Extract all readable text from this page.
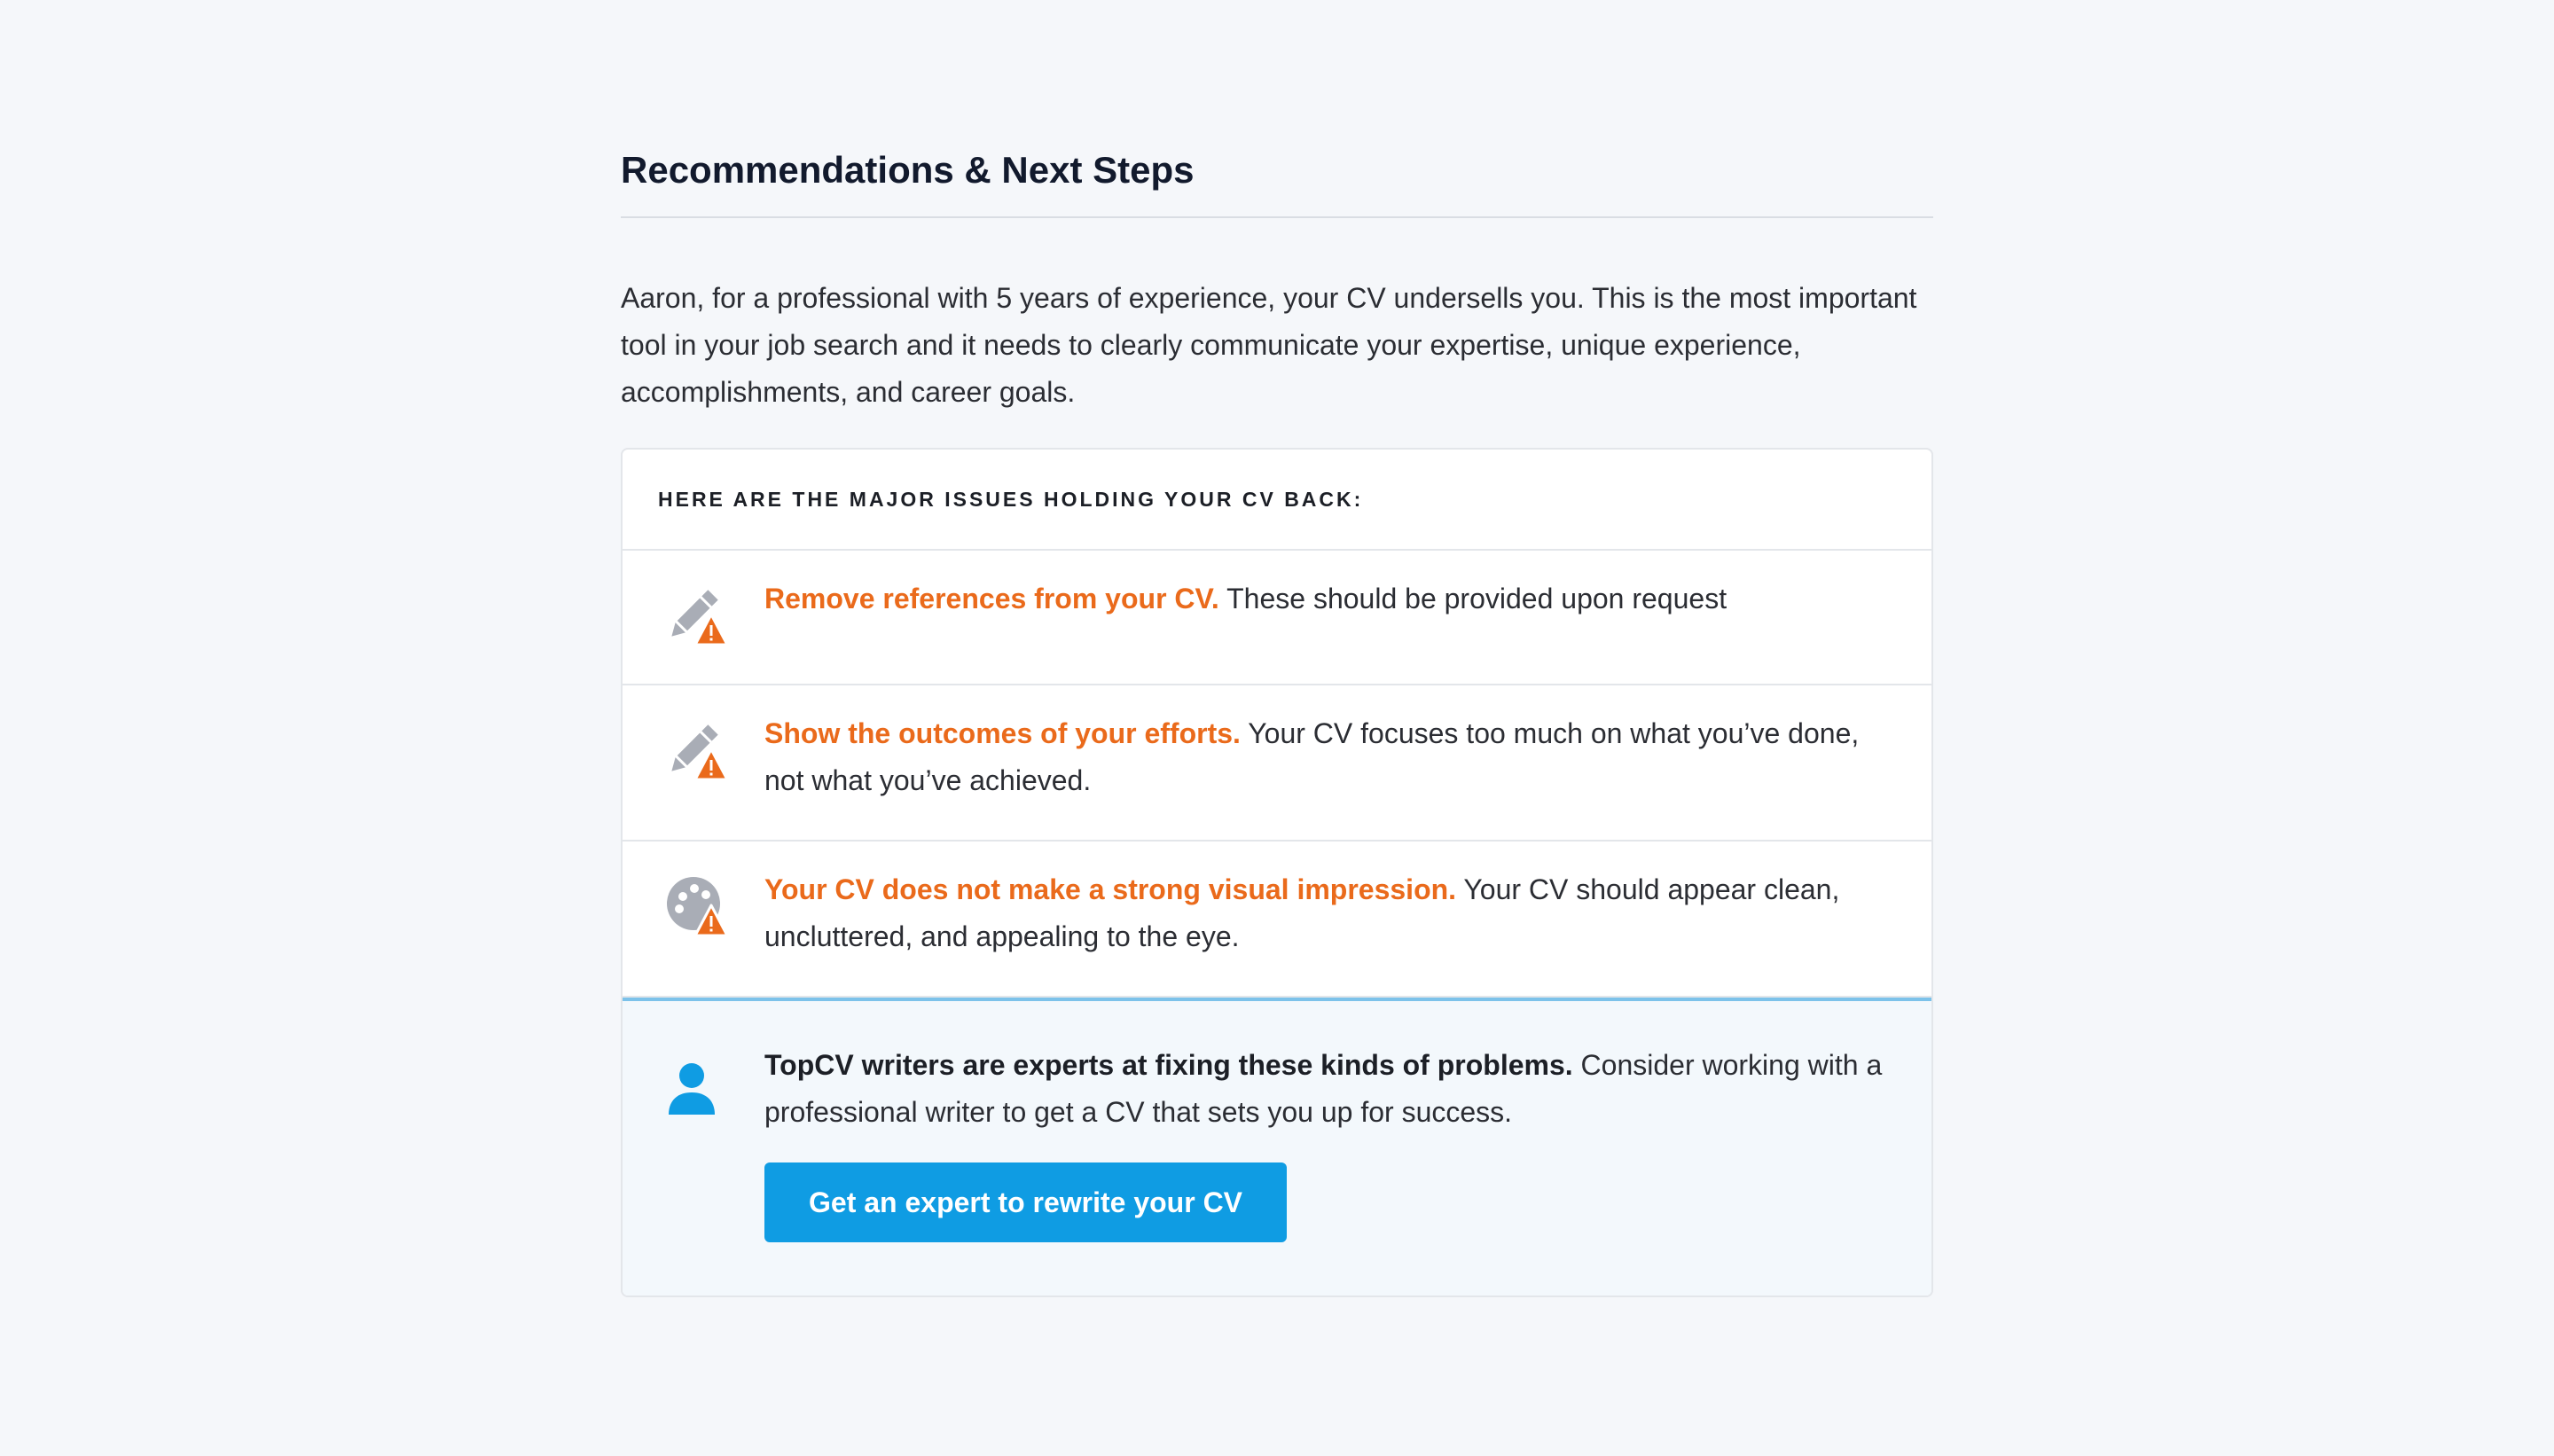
Recommendations & Next Steps

Aaron, for a professional with 5 years of experience, your CV undersells you. This is the most important tool in your job search and it needs to clearly communicate your expertise, unique experience, accomplishments, and career goals.

HERE ARE THE MAJOR ISSUES HOLDING YOUR CV BACK:
Remove references from your CV. These should be provided upon request
Show the outcomes of your efforts. Your CV focuses too much on what you’ve done, not what you’ve achieved.
Your CV does not make a strong visual impression. Your CV should appear clean, uncluttered, and appealing to the eye.

TopCV writers are experts at fixing these kinds of problems. Consider working with a professional writer to get a CV that sets you up for success.

Get an expert to rewrite your CV
